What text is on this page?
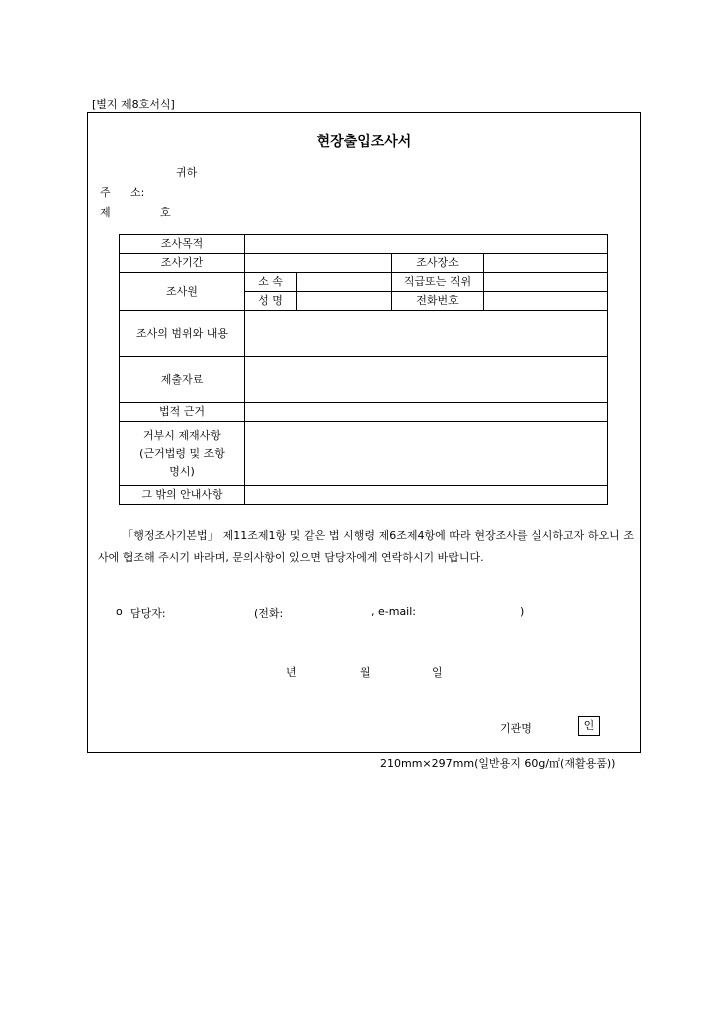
[별지 제8호서식]
현장출입조사서
귀하
주 소:
제	호
조사목적				
조사기간			조사장소	
조사원	소 속		직급또는 직위	
	성 명		전화번호	
조사의 범위와 내용				
제출자료				
법적 근거				

거부시 제재사항
(근거법령 및 조항
명시)				

그 밖의 안내사항				
「행정조사기본법」 제11조제1항 및 같은 법 시행령 제6조제4항에 따라 현장조사를 실시하고자 하오니 조사에 협조해 주시기 바라며, 문의사항이 있으면 담당자에게 연락하시기 바랍니다.

o

담당자:

	(전화:

	, e-mail:

	)

년	월	일
기관명	인
210mm×297mm(일반용지 60g/㎡(재활용품))
